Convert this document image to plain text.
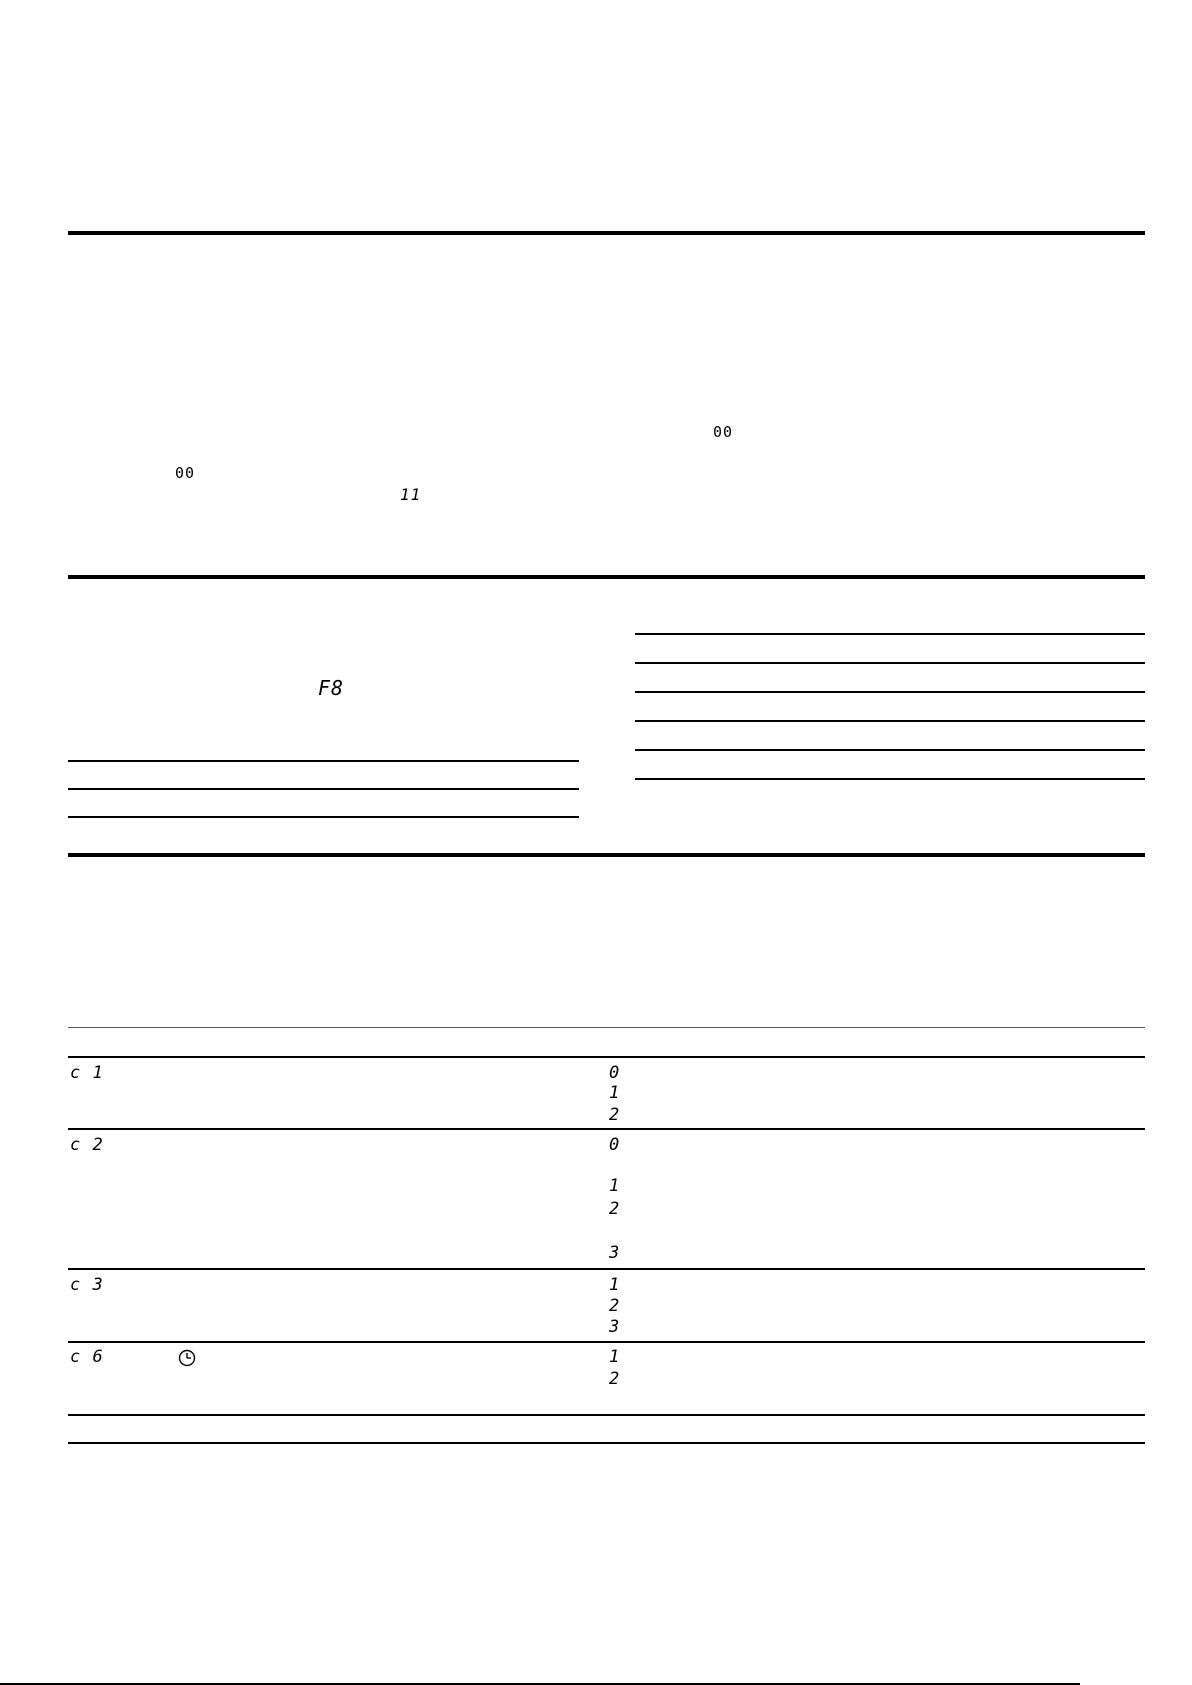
00
00
11
F8
c 1	0
1
2
c 2	0
1
2
3
c 3	1
2
3
c 6	1
2
